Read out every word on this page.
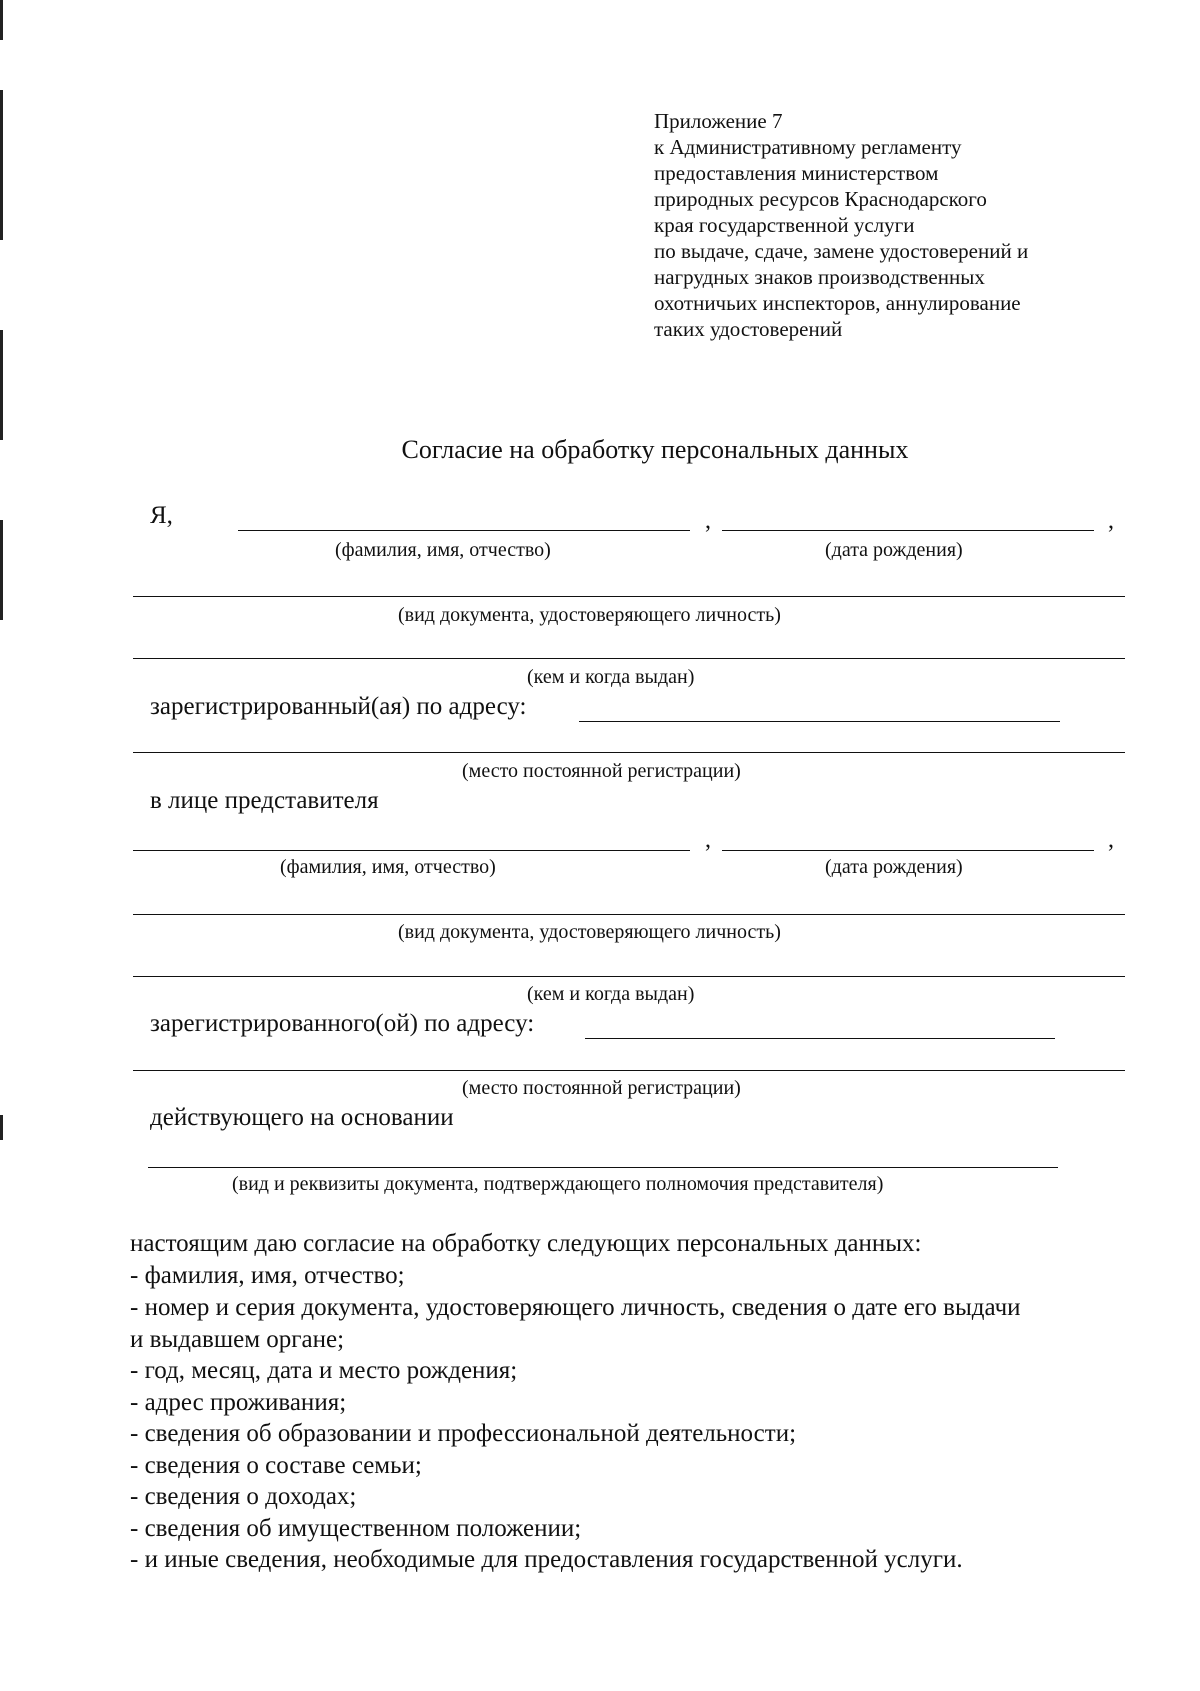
Приложение 7
к Административному регламенту
предоставления министерством
природных ресурсов Краснодарского
края государственной услуги
по выдаче, сдаче, замене удостоверений и
нагрудных знаков производственных
охотничьих инспекторов, аннулирование
таких удостоверений
Согласие на обработку персональных данных
Я,	,	,
(фамилия, имя, отчество)	(дата рождения)
(вид документа, удостоверяющего личность)
(кем и когда выдан)
зарегистрированный(ая) по адресу:
(место постоянной регистрации)
в лице представителя
,	,
(фамилия, имя, отчество)	(дата рождения)
(вид документа, удостоверяющего личность)
(кем и когда выдан)
зарегистрированного(ой) по адресу:
(место постоянной регистрации)
действующего на основании
(вид и реквизиты документа, подтверждающего полномочия представителя)
настоящим даю согласие на обработку следующих персональных данных:
- фамилия, имя, отчество;
- номер и серия документа, удостоверяющего личность, сведения о дате его выдачи
и выдавшем органе;
- год, месяц, дата и место рождения;
- адрес проживания;
- сведения об образовании и профессиональной деятельности;
- сведения о составе семьи;
- сведения о доходах;
- сведения об имущественном положении;
- и иные сведения, необходимые для предоставления государственной услуги.
